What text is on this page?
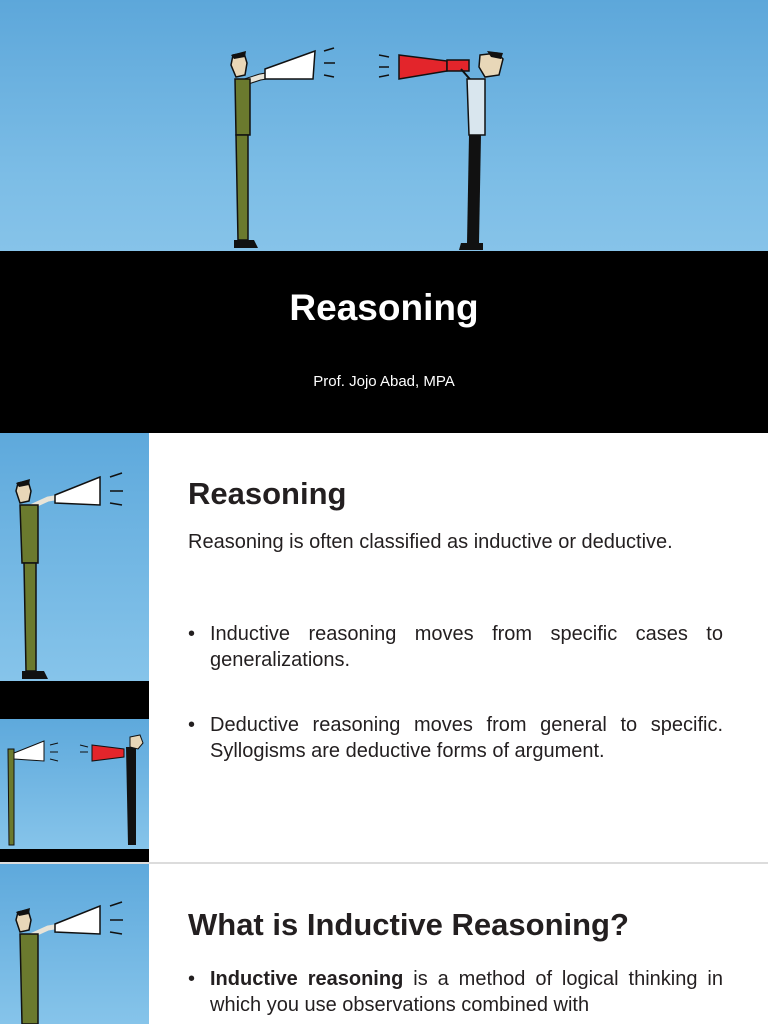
Reasoning
Prof. Jojo Abad, MPA
Reasoning
Reasoning is often classified as inductive or deductive.
• Inductive reasoning moves from specific cases to generalizations.
• Deductive reasoning moves from general to specific. Syllogisms are deductive forms of argument.
What is Inductive Reasoning?
• Inductive reasoning is a method of logical thinking in which you use observations combined with
